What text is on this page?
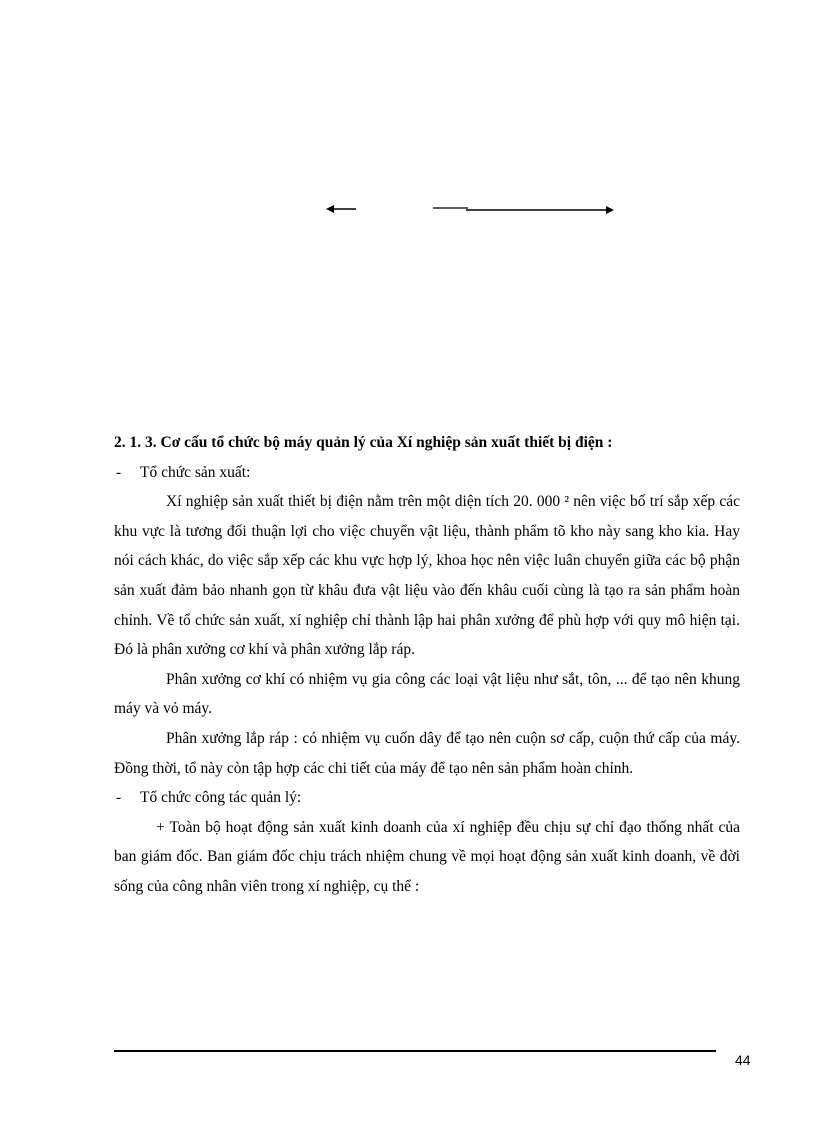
2. 1. 3. Cơ cấu tổ chức bộ máy quản lý của Xí nghiệp sản xuất thiết bị điện :

- Tổ chức sản xuất:

Xí nghiệp sản xuất thiết bị điện nằm trên một diện tích 20. 000 ² nên việc bố trí sắp xếp các khu vực là tương đối thuận lợi cho việc chuyển vật liệu, thành phẩm tõ kho này sang kho kia. Hay nói cách khác, do việc sắp xếp các khu vực hợp lý, khoa học nên việc luân chuyển giữa các bộ phận sản xuất đảm bảo nhanh gọn từ khâu đưa vật liệu vào đến khâu cuối cùng là tạo ra sản phẩm hoàn chỉnh. Về tổ chức sản xuất, xí nghiệp chỉ thành lập hai phân xưởng để phù hợp với quy mô hiện tại. Đó là phân xưởng cơ khí và phân xưởng lắp ráp.

Phân xưởng cơ khí có nhiệm vụ gia công các loại vật liệu như sắt, tôn, ... để tạo nên khung máy và vỏ máy.

Phân xưởng lắp ráp : có nhiệm vụ cuốn dây để tạo nên cuộn sơ cấp, cuộn thứ cấp của máy. Đồng thời, tổ này còn tập hợp các chi tiết của máy để tạo nên sản phẩm hoàn chỉnh.

- Tổ chức công tác quản lý:

+ Toàn bộ hoạt động sản xuất kinh doanh của xí nghiệp đều chịu sự chỉ đạo thống nhất của ban giám đốc. Ban giám đốc chịu trách nhiệm chung về mọi hoạt động sản xuất kinh doanh, về đời sống của công nhân viên trong xí nghiệp, cụ thể :

44
